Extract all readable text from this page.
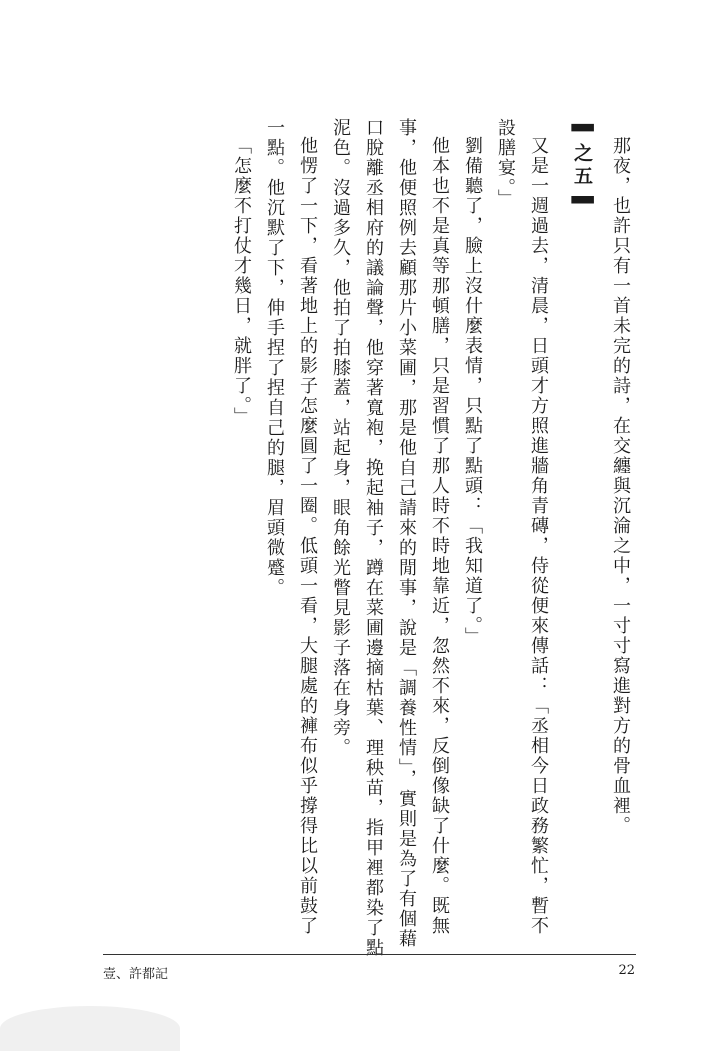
那夜，也許只有一首未完的詩，在交纏與沉淪之中，一寸寸寫進對方的骨血裡。
▌之五▐
又是一週過去，清晨，日頭才方照進牆角青磚，侍從便來傳話：「丞相今日政務繁忙，暫不
設膳宴。」
劉備聽了，臉上沒什麼表情，只點了點頭：「我知道了。」
他本也不是真等那頓膳，只是習慣了那人時不時地靠近，忽然不來，反倒像缺了什麼。既無
事，他便照例去顧那片小菜圃，那是他自己請來的閒事，說是「調養性情」，實則是為了有個藉
口脫離丞相府的議論聲，他穿著寬袍，挽起袖子，蹲在菜圃邊摘枯葉、理秧苗，指甲裡都染了點
泥色。沒過多久，他拍了拍膝蓋，站起身，眼角餘光瞥見影子落在身旁。
他愣了一下，看著地上的影子怎麼圓了一圈。低頭一看，大腿處的褲布似乎撐得比以前鼓了
一點。他沉默了下，伸手捏了捏自己的腿，眉頭微蹙。
「怎麼不打仗才幾日，就胖了。」
壹、許都記	22
